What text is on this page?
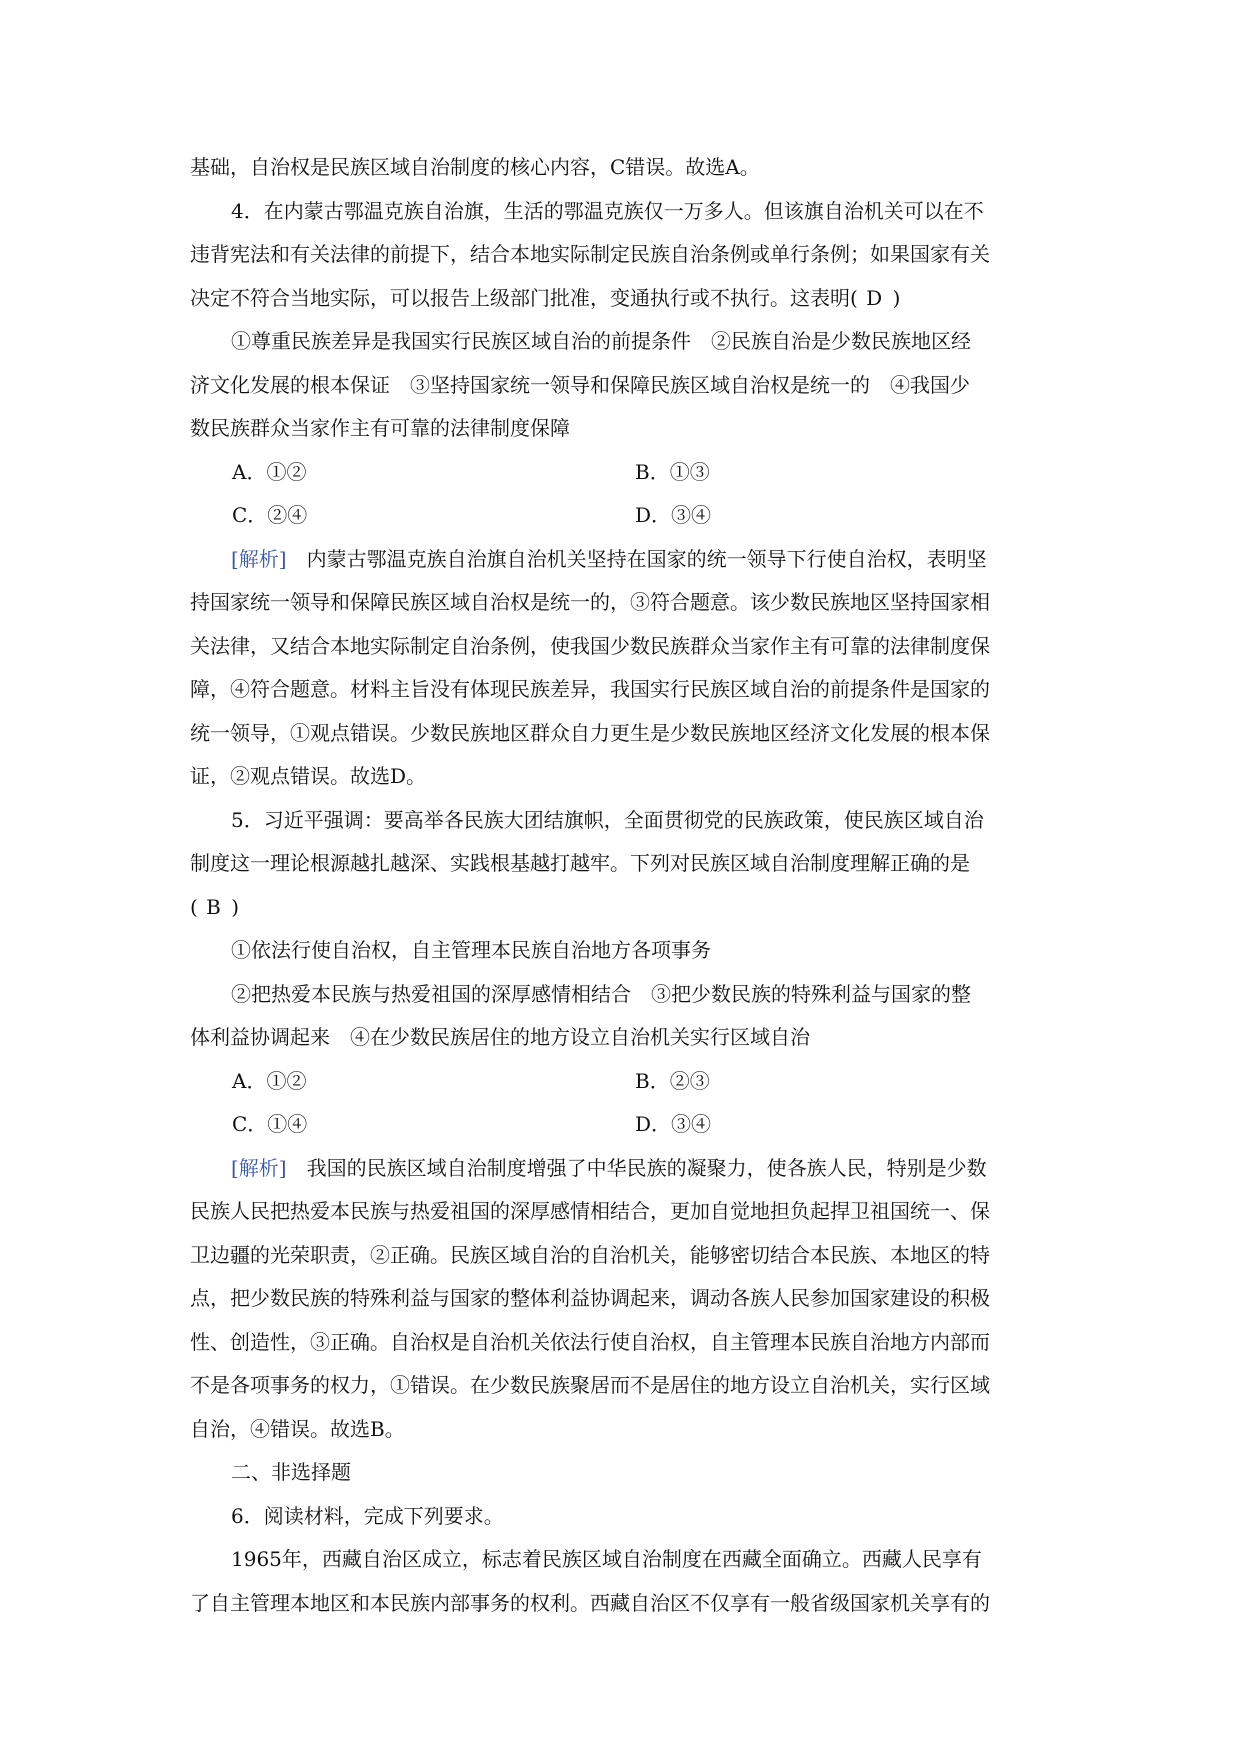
基础，自治权是民族区域自治制度的核心内容，C错误。故选A。
4．在内蒙古鄂温克族自治旗，生活的鄂温克族仅一万多人。但该旗自治机关可以在不
违背宪法和有关法律的前提下，结合本地实际制定民族自治条例或单行条例；如果国家有关
决定不符合当地实际，可以报告上级部门批准，变通执行或不执行。这表明( D )
①尊重民族差异是我国实行民族区域自治的前提条件　②民族自治是少数民族地区经
济文化发展的根本保证　③坚持国家统一领导和保障民族区域自治权是统一的　④我国少
数民族群众当家作主有可靠的法律制度保障
A．①②	B．①③
C．②④	D．③④
[解析]　内蒙古鄂温克族自治旗自治机关坚持在国家的统一领导下行使自治权，表明坚
持国家统一领导和保障民族区域自治权是统一的，③符合题意。该少数民族地区坚持国家相
关法律，又结合本地实际制定自治条例，使我国少数民族群众当家作主有可靠的法律制度保
障，④符合题意。材料主旨没有体现民族差异，我国实行民族区域自治的前提条件是国家的
统一领导，①观点错误。少数民族地区群众自力更生是少数民族地区经济文化发展的根本保
证，②观点错误。故选D。
5．习近平强调：要高举各民族大团结旗帜，全面贯彻党的民族政策，使民族区域自治
制度这一理论根源越扎越深、实践根基越打越牢。下列对民族区域自治制度理解正确的是
( B )
①依法行使自治权，自主管理本民族自治地方各项事务
②把热爱本民族与热爱祖国的深厚感情相结合　③把少数民族的特殊利益与国家的整
体利益协调起来　④在少数民族居住的地方设立自治机关实行区域自治
A．①②	B．②③
C．①④	D．③④
[解析]　我国的民族区域自治制度增强了中华民族的凝聚力，使各族人民，特别是少数
民族人民把热爱本民族与热爱祖国的深厚感情相结合，更加自觉地担负起捍卫祖国统一、保
卫边疆的光荣职责，②正确。民族区域自治的自治机关，能够密切结合本民族、本地区的特
点，把少数民族的特殊利益与国家的整体利益协调起来，调动各族人民参加国家建设的积极
性、创造性，③正确。自治权是自治机关依法行使自治权，自主管理本民族自治地方内部而
不是各项事务的权力，①错误。在少数民族聚居而不是居住的地方设立自治机关，实行区域
自治，④错误。故选B。
二、非选择题
6．阅读材料，完成下列要求。
1965年，西藏自治区成立，标志着民族区域自治制度在西藏全面确立。西藏人民享有
了自主管理本地区和本民族内部事务的权利。西藏自治区不仅享有一般省级国家机关享有的
